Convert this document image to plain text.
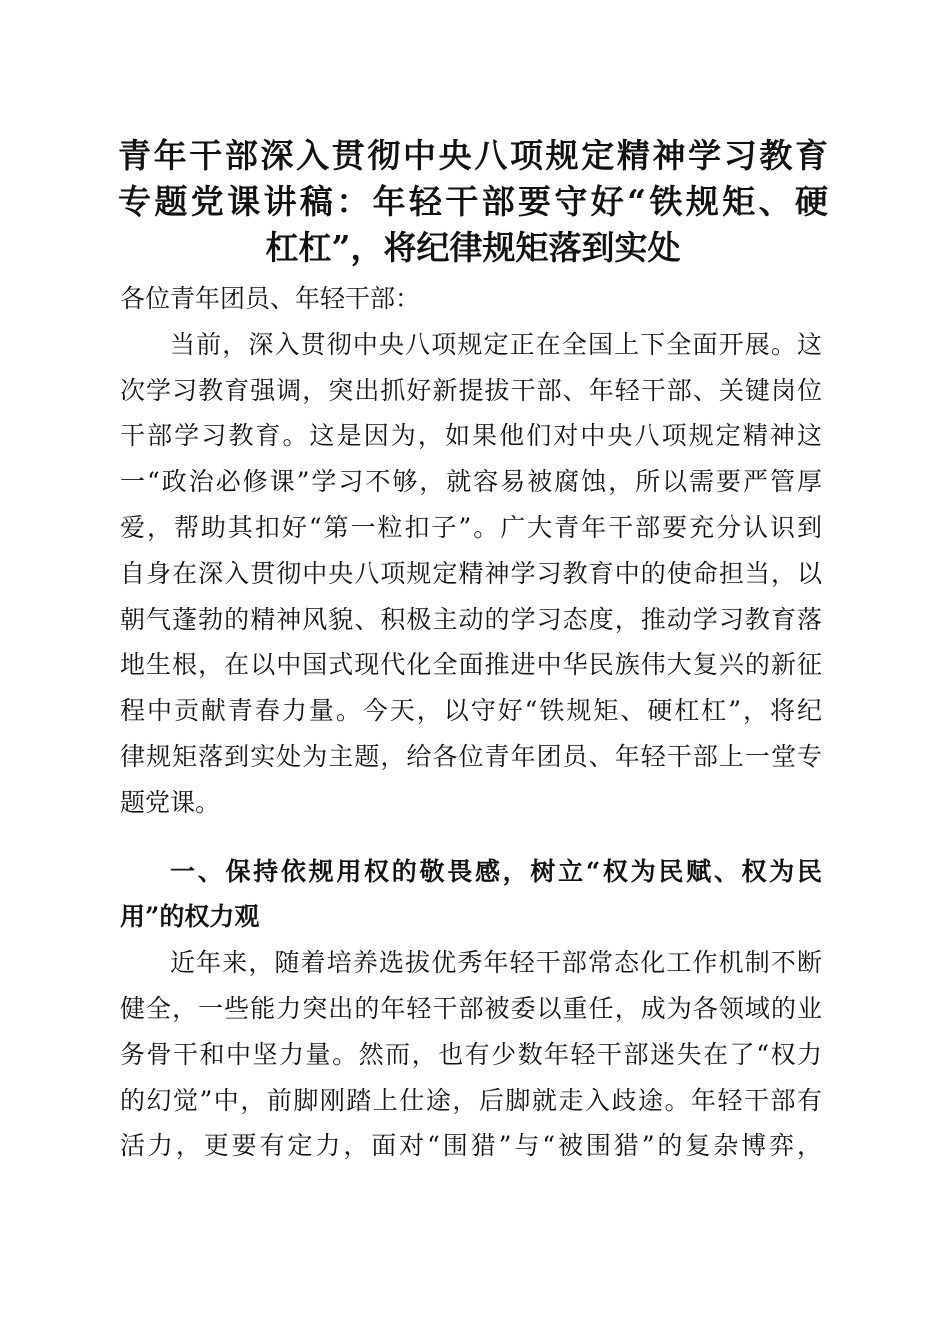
青年干部深入贯彻中央八项规定精神学习教育
专题党课讲稿：年轻干部要守好“铁规矩、硬
杠杠”，将纪律规矩落到实处
各位青年团员、年轻干部：
当前，深入贯彻中央八项规定正在全国上下全面开展。这
次学习教育强调，突出抓好新提拔干部、年轻干部、关键岗位
干部学习教育。这是因为，如果他们对中央八项规定精神这
一“政治必修课”学习不够，就容易被腐蚀，所以需要严管厚
爱，帮助其扣好“第一粒扣子”。广大青年干部要充分认识到
自身在深入贯彻中央八项规定精神学习教育中的使命担当，以
朝气蓬勃的精神风貌、积极主动的学习态度，推动学习教育落
地生根，在以中国式现代化全面推进中华民族伟大复兴的新征
程中贡献青春力量。今天，以守好“铁规矩、硬杠杠”，将纪
律规矩落到实处为主题，给各位青年团员、年轻干部上一堂专
题党课。
一、保持依规用权的敬畏感，树立“权为民赋、权为民
用”的权力观
近年来，随着培养选拔优秀年轻干部常态化工作机制不断
健全，一些能力突出的年轻干部被委以重任，成为各领域的业
务骨干和中坚力量。然而，也有少数年轻干部迷失在了“权力
的幻觉”中，前脚刚踏上仕途，后脚就走入歧途。年轻干部有
活力，更要有定力，面对“围猎”与“被围猎”的复杂博弈，
